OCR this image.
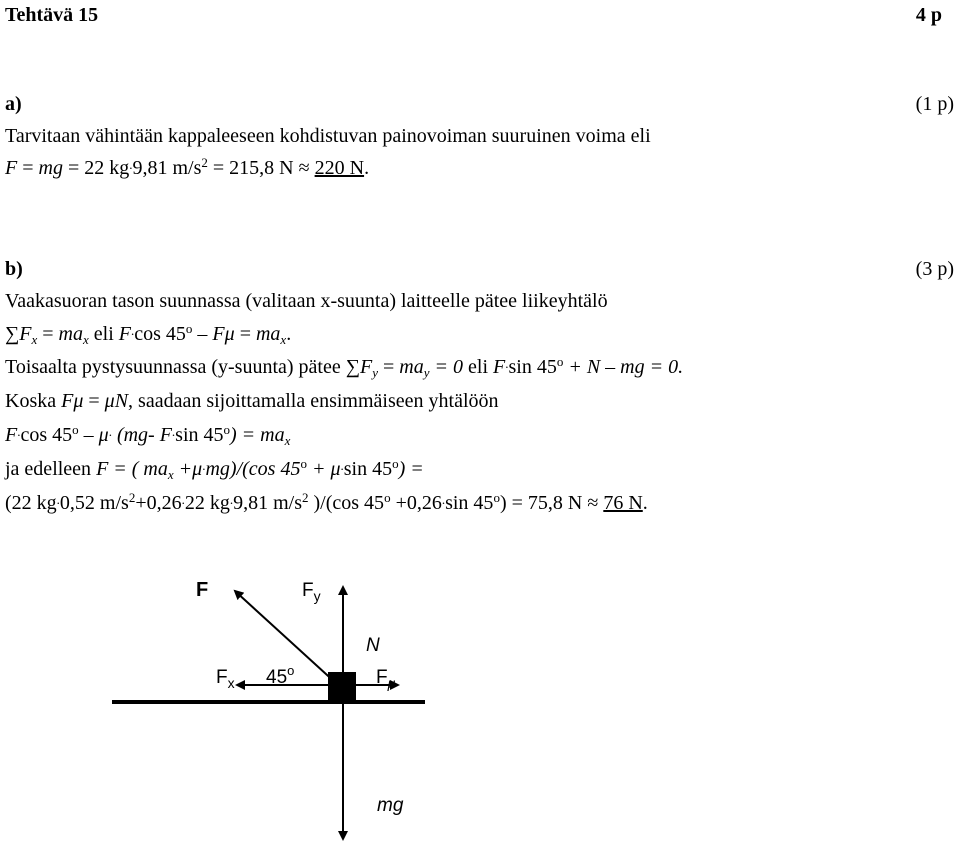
Tehtävä 15	4 p
a)	(1 p)
Tarvitaan vähintään kappaleeseen kohdistuvan painovoiman suuruinen voima eli
F = mg = 22 kg.9,81 $m/s^2 = 215,8$ N ≈ 220 N.
b)	(3 p)
Vaakasuoran tason suunnassa (valitaan x-suunta) laitteelle pätee liikeyhtälö
$\sum F_x = ma_x$ eli F.cos $45^o - F\mu = ma_x$.
Toisaalta pystysuunnassa (y-suunta) pätee $\sum F_y = ma_y = 0$ eli F.sin $45^o + N$ – mg = 0.
Koska Fμ = μN, saadaan sijoittamalla ensimmäiseen yhtälöön
F.cos 45$^o$ – μ. (mg- F.sin $45^o) = ma_x$
ja edelleen F = ( $ma_x +\mu^.mg)/(\cos$ $45^o + \mu^.\sin$ $45^o$) =
(22 kg.0,52 $m/s^2+0,26^.22$ kg.9,81 $m/s^2$ )/(cos $45^o +0,26^.\sin$ $45^o) = 75,8$ N ≈ 76 N.
F	$F_y$
N
$F_x$ 45$^o$	$F_\mu$
mg
